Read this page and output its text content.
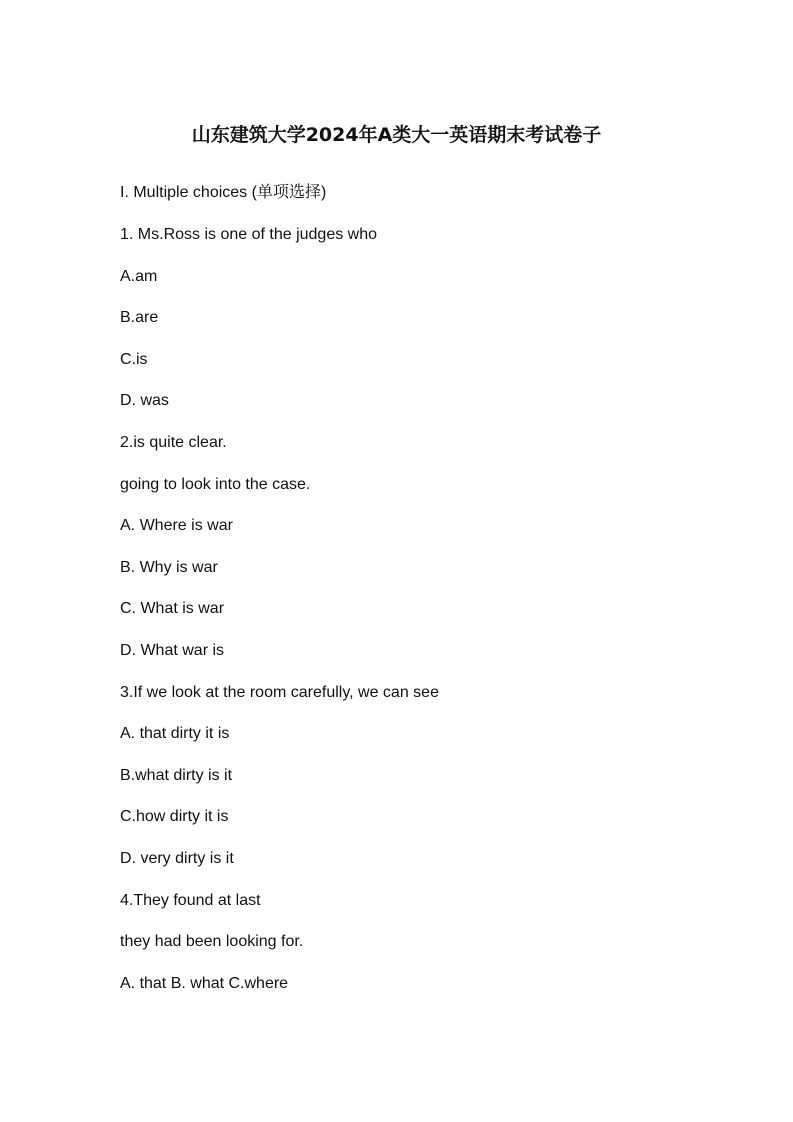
山东建筑大学2024年A类大一英语期末考试卷子
I. Multiple choices (单项选择)
1. Ms.Ross is one of the judges who
A.am
B.are
C.is
D. was
2.is quite clear.
going to look into the case.
A. Where is war
B. Why is war
C. What is war
D. What war is
3.If we look at the room carefully, we can see
A. that dirty it is
B.what dirty is it
C.how dirty it is
D. very dirty is it
4.They found at last
they had been looking for.
A. that B. what C.where
